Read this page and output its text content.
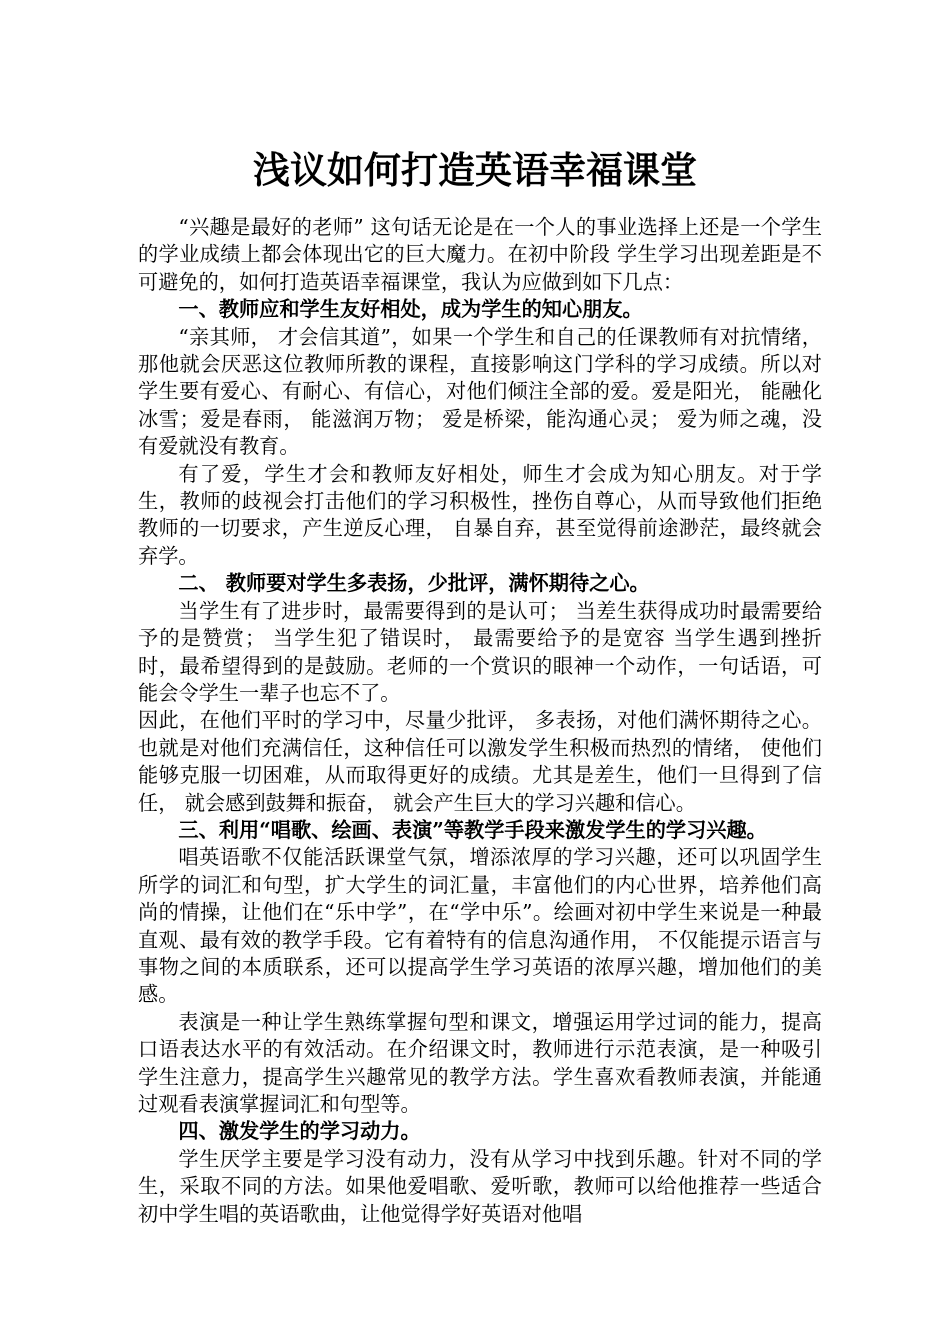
浅议如何打造英语幸福课堂

“兴趣是最好的老师” 这句话无论是在一个人的事业选择上还是一个学生的学业成绩上都会体现出它的巨大魔力。在初中阶段 学生学习出现差距是不可避免的，如何打造英语幸福课堂，我认为应做到如下几点：

一、教师应和学生友好相处，成为学生的知心朋友。

“亲其师， 才会信其道”，如果一个学生和自己的任课教师有对抗情绪，那他就会厌恶这位教师所教的课程，直接影响这门学科的学习成绩。所以对学生要有爱心、有耐心、有信心，对他们倾注全部的爱。爱是阳光， 能融化冰雪；爱是春雨， 能滋润万物； 爱是桥梁，能沟通心灵； 爱为师之魂，没有爱就没有教育。

有了爱，学生才会和教师友好相处，师生才会成为知心朋友。对于学生，教师的歧视会打击他们的学习积极性，挫伤自尊心，从而导致他们拒绝教师的一切要求，产生逆反心理， 自暴自弃，甚至觉得前途渺茫，最终就会弃学。

二、 教师要对学生多表扬，少批评，满怀期待之心。

当学生有了进步时，最需要得到的是认可； 当差生获得成功时最需要给予的是赞赏； 当学生犯了错误时， 最需要给予的是宽容 当学生遇到挫折时，最希望得到的是鼓励。老师的一个赏识的眼神一个动作，一句话语，可能会令学生一辈子也忘不了。

因此，在他们平时的学习中，尽量少批评， 多表扬，对他们满怀期待之心。也就是对他们充满信任，这种信任可以激发学生积极而热烈的情绪， 使他们能够克服一切困难，从而取得更好的成绩。尤其是差生，他们一旦得到了信任， 就会感到鼓舞和振奋， 就会产生巨大的学习兴趣和信心。

三、利用“唱歌、绘画、表演”等教学手段来激发学生的学习兴趣。

唱英语歌不仅能活跃课堂气氛，增添浓厚的学习兴趣，还可以巩固学生所学的词汇和句型，扩大学生的词汇量，丰富他们的内心世界，培养他们高尚的情操，让他们在“乐中学”，在“学中乐”。绘画对初中学生来说是一种最直观、最有效的教学手段。它有着特有的信息沟通作用， 不仅能提示语言与事物之间的本质联系，还可以提高学生学习英语的浓厚兴趣，增加他们的美感。

表演是一种让学生熟练掌握句型和课文，增强运用学过词的能力，提高口语表达水平的有效活动。在介绍课文时，教师进行示范表演，是一种吸引学生注意力，提高学生兴趣常见的教学方法。学生喜欢看教师表演，并能通过观看表演掌握词汇和句型等。

四、激发学生的学习动力。

学生厌学主要是学习没有动力，没有从学习中找到乐趣。针对不同的学生，采取不同的方法。如果他爱唱歌、爱听歌，教师可以给他推荐一些适合初中学生唱的英语歌曲，让他觉得学好英语对他唱
